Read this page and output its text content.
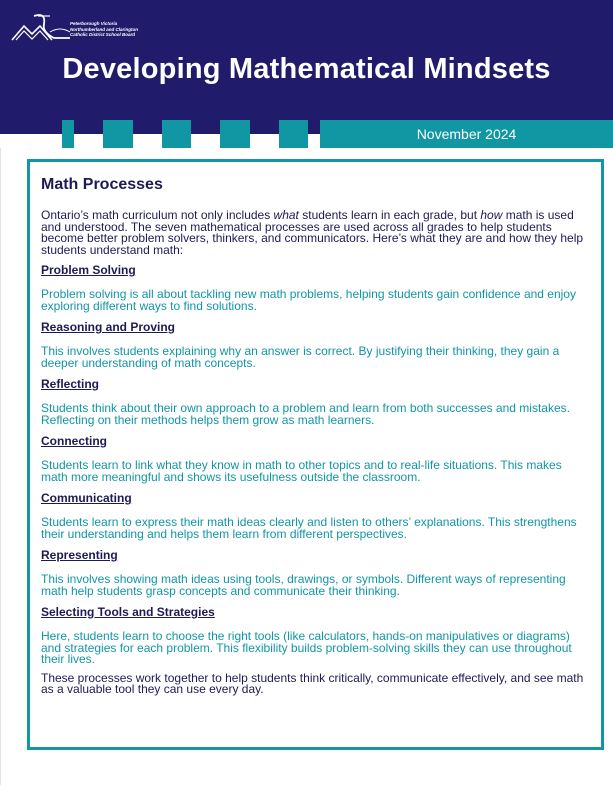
Peterborough Victoria
Northumberland and Clarington
Catholic District School Board
Developing Mathematical Mindsets
November 2024
Math Processes

Ontario’s math curriculum not only includes what students learn in each grade, but how math is used and understood. The seven mathematical processes are used across all grades to help students become better problem solvers, thinkers, and communicators. Here’s what they are and how they help students understand math:

Problem Solving

Problem solving is all about tackling new math problems, helping students gain confidence and enjoy exploring different ways to find solutions.

Reasoning and Proving

This involves students explaining why an answer is correct. By justifying their thinking, they gain a deeper understanding of math concepts.

Reflecting

Students think about their own approach to a problem and learn from both successes and mistakes. Reflecting on their methods helps them grow as math learners.

Connecting

Students learn to link what they know in math to other topics and to real-life situations. This makes math more meaningful and shows its usefulness outside the classroom.

Communicating

Students learn to express their math ideas clearly and listen to others’ explanations. This strengthens their understanding and helps them learn from different perspectives.

Representing

This involves showing math ideas using tools, drawings, or symbols. Different ways of representing math help students grasp concepts and communicate their thinking.

Selecting Tools and Strategies

Here, students learn to choose the right tools (like calculators, hands-on manipulatives or diagrams) and strategies for each problem. This flexibility builds problem-solving skills they can use throughout their lives.

These processes work together to help students think critically, communicate effectively, and see math as a valuable tool they can use every day.
